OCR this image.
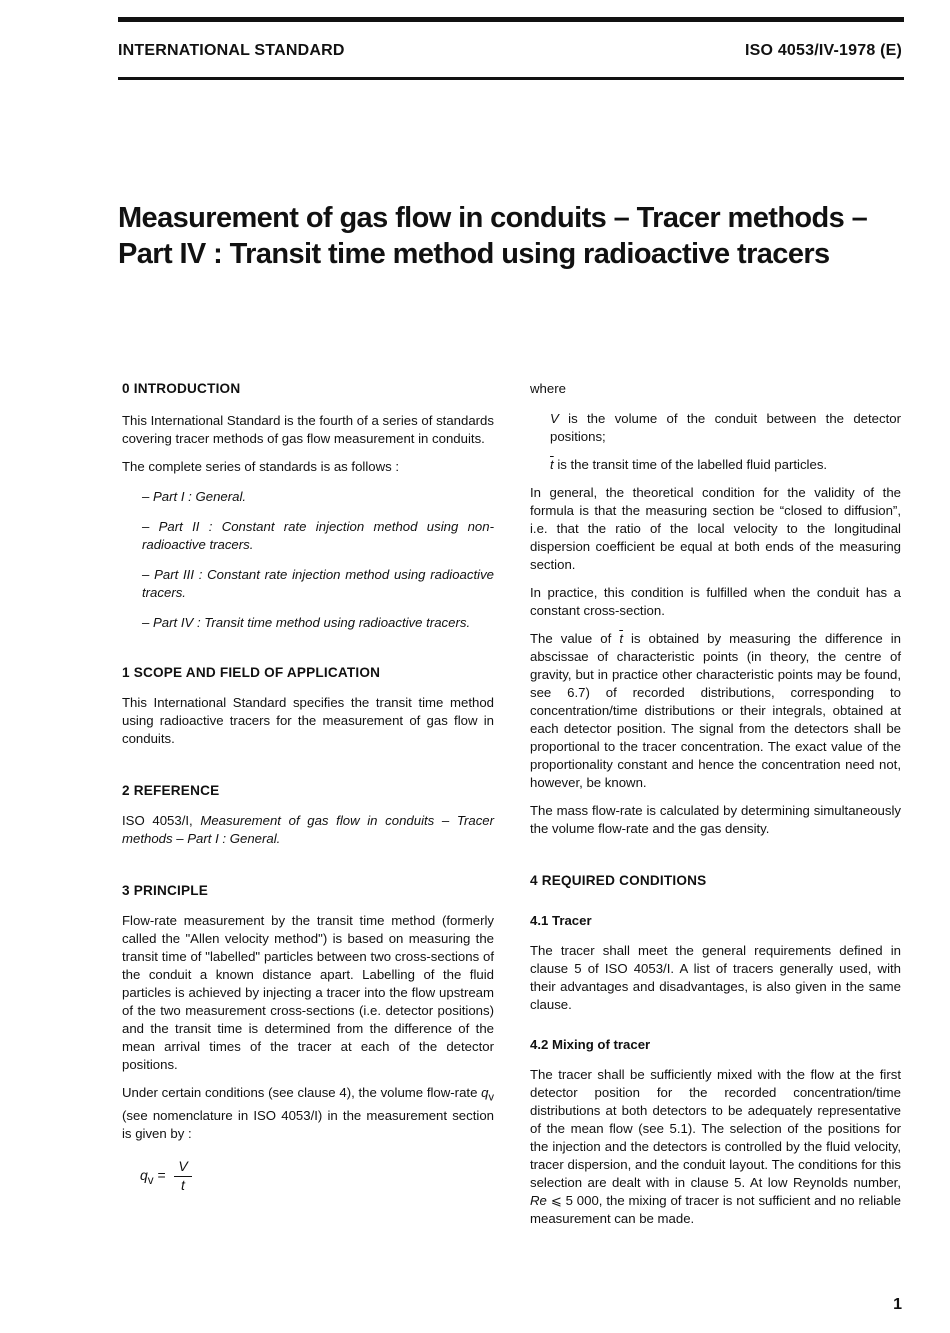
INTERNATIONAL STANDARD	ISO 4053/IV-1978 (E)
Measurement of gas flow in conduits – Tracer methods –
Part IV : Transit time method using radioactive tracers
0 INTRODUCTION

This International Standard is the fourth of a series of standards covering tracer methods of gas flow measurement in conduits.

The complete series of standards is as follows :

– Part I : General.
– Part II : Constant rate injection method using non-radioactive tracers.
– Part III : Constant rate injection method using radioactive tracers.
– Part IV : Transit time method using radioactive tracers.
1 SCOPE AND FIELD OF APPLICATION

This International Standard specifies the transit time method using radioactive tracers for the measurement of gas flow in conduits.

2 REFERENCE

ISO 4053/I, Measurement of gas flow in conduits – Tracer methods – Part I : General.

3 PRINCIPLE

Flow-rate measurement by the transit time method (formerly called the "Allen velocity method") is based on measuring the transit time of "labelled" particles between two cross-sections of the conduit a known distance apart. Labelling of the fluid particles is achieved by injecting a tracer into the flow upstream of the two measurement cross-sections (i.e. detector positions) and the transit time is determined from the difference of the mean arrival times of the tracer at each of the detector positions.

Under certain conditions (see clause 4), the volume flow-rate $q_v$ (see nomenclature in ISO 4053/I) in the measurement section is given by :

$q_v = \frac{V}{t}$

where

V is the volume of the conduit between the detector positions;

$\overline{t}$ is the transit time of the labelled fluid particles.

In general, the theoretical condition for the validity of the formula is that the measuring section be “closed to diffusion”, i.e. that the ratio of the local velocity to the longitudinal dispersion coefficient be equal at both ends of the measuring section.

In practice, this condition is fulfilled when the conduit has a constant cross-section.

The value of $\overline{t}$ is obtained by measuring the difference in abscissae of characteristic points (in theory, the centre of gravity, but in practice other characteristic points may be found, see 6.7) of recorded distributions, corresponding to concentration/time distributions or their integrals, obtained at each detector position. The signal from the detectors shall be proportional to the tracer concentration. The exact value of the proportionality constant and hence the concentration need not, however, be known.

The mass flow-rate is calculated by determining simultaneously the volume flow-rate and the gas density.

4 REQUIRED CONDITIONS
4.1 Tracer

The tracer shall meet the general requirements defined in clause 5 of ISO 4053/I. A list of tracers generally used, with their advantages and disadvantages, is also given in the same clause.

4.2 Mixing of tracer

The tracer shall be sufficiently mixed with the flow at the first detector position for the recorded concentration/time distributions at both detectors to be adequately representative of the mean flow (see 5.1). The selection of the positions for the injection and the detectors is controlled by the fluid velocity, tracer dispersion, and the conduit layout. The conditions for this selection are dealt with in clause 5. At low Reynolds number, Re ⩽ 5 000, the mixing of tracer is not sufficient and no reliable measurement can be made.

1
